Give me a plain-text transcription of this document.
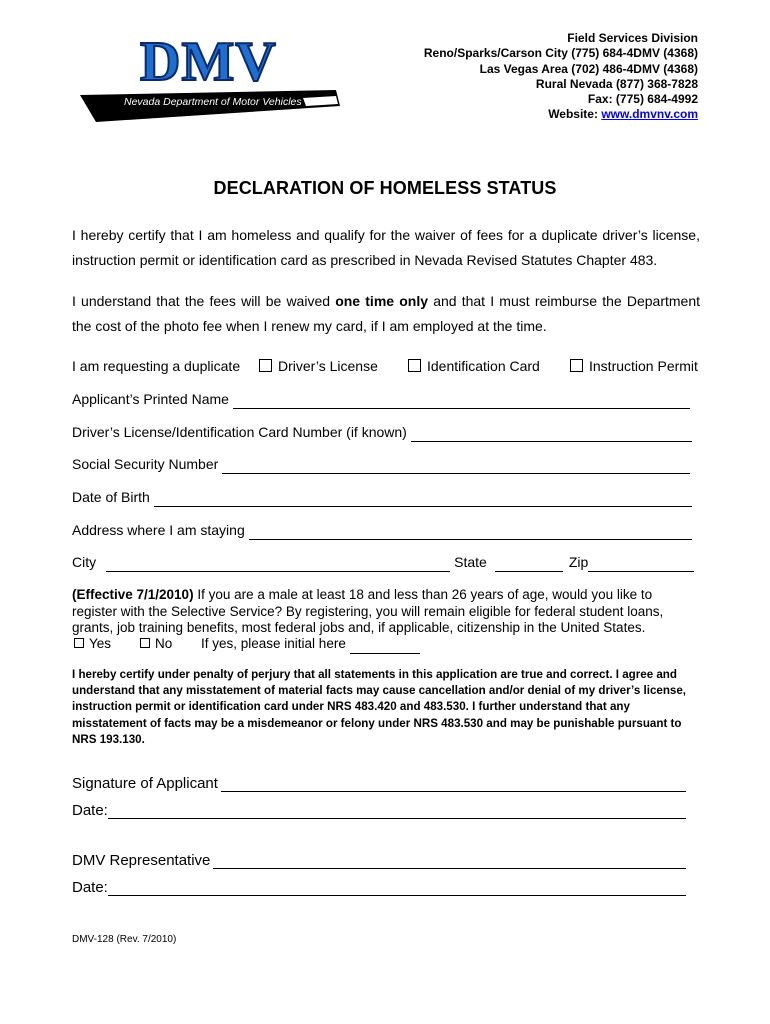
DMV
Nevada Department of Motor Vehicles
Field Services Division
Reno/Sparks/Carson City (775) 684-4DMV (4368)
Las Vegas Area (702) 486-4DMV (4368)
Rural Nevada (877) 368-7828
Fax: (775) 684-4992
Website: www.dmvnv.com
DECLARATION OF HOMELESS STATUS
I hereby certify that I am homeless and qualify for the waiver of fees for a duplicate driver’s license, instruction permit or identification card as prescribed in Nevada Revised Statutes Chapter 483.
I understand that the fees will be waived one time only and that I must reimburse the Department the cost of the photo fee when I renew my card, if I am employed at the time.
I am requesting a duplicate	Driver’s License	Identification Card	Instruction Permit
Applicant’s Printed Name
Driver’s License/Identification Card Number (if known)
Social Security Number
Date of Birth
Address where I am staying
City	State	Zip
(Effective 7/1/2010) If you are a male at least 18 and less than 26 years of age, would you like to register with the Selective Service? By registering, you will remain eligible for federal student loans, grants, job training benefits, most federal jobs and, if applicable, citizenship in the United States.
Yes	No If yes, please initial here
I hereby certify under penalty of perjury that all statements in this application are true and correct. I agree and understand that any misstatement of material facts may cause cancellation and/or denial of my driver’s license, instruction permit or identification card under NRS 483.420 and 483.530. I further understand that any misstatement of facts may be a misdemeanor or felony under NRS 483.530 and may be punishable pursuant to NRS 193.130.
Signature of Applicant
Date:
DMV Representative
Date:
DMV-128 (Rev. 7/2010)
